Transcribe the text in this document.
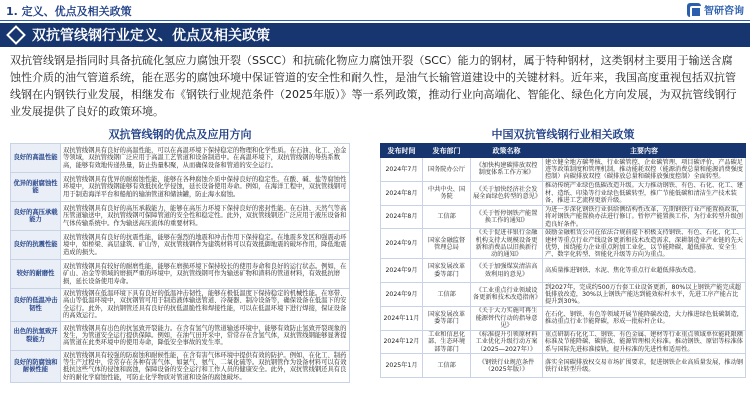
1. 定义、优点及相关政策	智研咨询
双抗管线钢行业定义、优点及相关政策

双抗管线钢是指同时具备抗硫化氢应力腐蚀开裂（SSCC）和抗硫化物应力腐蚀开裂（SCC）能力的钢材，属于特种钢材，这类钢材主要用于输送含腐蚀性介质的油气管道系统，能在恶劣的腐蚀环境中保证管道的安全性和耐久性，是油气长输管道建设中的关键材料。近年来，我国高度重视包括双抗管线钢在内钢铁行业发展，相继发布《钢铁行业规范条件（2025年版）》等一系列政策，推动行业向高端化、智能化、绿色化方向发展，为双抗管线钢行业发展提供了良好的政策环境。

双抗管线钢的优点及应用方向	中国双抗管线钢行业相关政策
良好的高温性能	双抗管线钢具有良好的高温性能，可以在高温环境下保持稳定的物理和化学性质。在石油、化工、冶金等领域，双抗管线钢广泛应用于高温工艺管道和设备制造中。在高温环境下，双抗管线钢的导热系数高，能够有效地传递热量，防止热量积聚，从而确保设备和管道的安全运行。
优异的耐腐蚀性能	双抗管线钢具有优异的耐腐蚀性能，能够在各种腐蚀介质中保持良好的稳定性。在酸、碱、盐等腐蚀性环境中，双抗管线钢能够有效抵抗化学侵蚀，延长设备使用寿命。例如，在海洋工程中，双抗管线钢可用于制造海洋平台和船舶的输油管道和储油罐，防止海水腐蚀。
良好的高压承载能力	双抗管线钢具有良好的高压承载能力，能够在高压力环境下保持良好的密封性能。在石油、天然气等高压管道输送中，双抗管线钢可保障管道的安全性和稳定性。此外，双抗管线钢还广泛应用于液压设备和气体传输系统中。作为输送高压流体的重要材料。
良好的抗震性能	双抗管线钢具有良好的抗震性能，能够在强烈的地震和冲击作用下保持稳定。在地震多发区和强震动环境中，如桥梁、高层建筑、矿山等，双抗管线钢作为建筑材料可以有效抵御地震的破坏作用，降低地震造成的损失。
较好的耐磨性	双抗管线钢具有较好的耐磨性能，能够在磨损环境下保持较长的使用寿命和良好的运行状态。例如，在矿山、冶金等领域的磨损严重的环境中，双抗管线钢可作为输送矿物和渣料的管道材料，有效抵抗磨损，延长设备使用寿命。
良好的低温冲击韧性	双抗管线钢在低温环境下具有良好的低温冲击韧性，能够在极低温度下保持稳定的机械性能。在寒带、高山等低温环境中，双抗钢管可用于制造液体输送管道、冷凝器、制冷设备等，确保设备在低温下的安全运行。此外，双抗钢管还具有良好的抗低温脆性和焊接性能，可以在低温环境下进行焊接，保证设备的高效运行。
出色的抗氢致开裂能力	双抗管线钢具有出色的抗氢致开裂能力。在含有氢气的管道输送环境中，能够有效防止氢致开裂现象的发生，为管道安全运行提供保障。例如，在油气田开采中，常常存在含氢气体，双抗管线钢能够显著提高管道在此类环境中的使用寿命，降低安全事故的发生率。
良好的防腐蚀和耐候性能	双抗管线钢具有较强的防腐蚀和耐候性能，在含有害气体环境中提供有效的防护。例如，在化工、制药等生产过程中，常常存在各种有害气体、如氯气、氨气、二氧化硫等。双抗钢管作为设备材料可以有效抵抗这些气体的侵蚀和腐蚀，保障设备的安全运行和工作人员的健康安全。此外，双抗管线钢还具有良好的耐化学腐蚀性能，可防止化学物质对管道和设备的腐蚀破坏。
发布时间	发布部门	政策名称	主要内容
2024年7月	国务院办公厅	《加快构建碳排放双控制度体系工作方案》	建立健全地方碳考核、行业碳管控、企业碳管理、项目碳评价、产品碳足迹等政策制度和管理机制，推动能耗双控（能源消费总量和能源消费强度控制）向碳排放双控（碳排放总量和碳排放强度控制）全面转型。
2024年8月	中共中央、国务院	《关于加快经济社会发展全面绿色转型的意见》	推动传统产业绿色低碳改造升级。大力推动钢铁、有色、石化、化工、建材、造纸、印染等行业绿色低碳转型，推广节能低碳和清洁生产技术装备，推进工艺流程更新升级。
2024年8月	工信部	《关于暂停钢铁产能置换工作的通知》	为进一步深化钢铁行业供给侧结构性改革，先期钢铁行业产能置换政策，将对钢铁产能置换办法进行修订。暂停产能置换工作，为行业转型升级创造良好条件。
2024年9月	国家金融监督管理总局	《关于促进非银行金融机构支持大规模设备更新和消费品以旧换新行动的通知》	鼓励金融租赁公司在依法合规前提下积极支持钢铁、有色、石化、化工、建材等重点行业产线设备更新和技术改造需求，深耕制造业产业链的先天优势，围绕能力企业重点附加工业化，以节能降碳、超低排放、安全生产、数字化转型、智能化升级等方向为重点。
2024年9月	国家发展改革委等部门	《关于加强煤炭清洁高效利用的意见》	高质量推进钢铁、水泥、焦化等重点行业超低排放改造。
2024年9月	工信部	《工业重点行业领域设备更新和技术改造指南》	到2027年，完成约500万台套工业设备更新，80%以上钢铁产能完成超低排放改造，30%以上钢铁产能达到能效标杆水平，先进工序产能占比提升到30%。
2024年11月	国家发展改革委等部门	《关于大力实施可再生能源替代行动的指导意见》	在石化、钢铁、有色等领域开展节能降碳改造，大力推进绿色低碳制造，推动重点行业节能降碳，形成一批标杆企业。
2024年12月	工业和信息化部、生态环境部等部门	《标准提升引领原材料工业优化升级行动方案（2025—2027年）》	重点研制石化化工、钢铁、有色金属、建材等行业重点领域单位能耗限额标准及节能降碳、碳排放、能源管理相关标准。推动钢铁、原铝等标准体系与国际先进标准接轨，提升标准的先进性和适用性。
2025年1月	工信部	《钢铁行业规范条件（2025年版）》	落实全国碳排放权交易市场扩围要求，促进钢铁企业高质量发展，推动钢铁行业转型升级。
